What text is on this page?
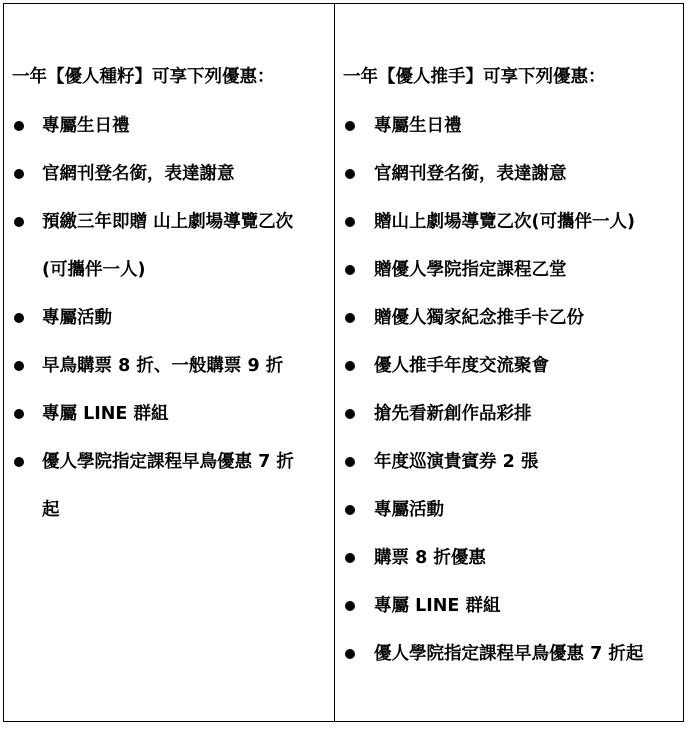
一年【優人種籽】可享下列優惠：
專屬生日禮
官網刊登名銜，表達謝意
預繳三年即贈 山上劇場導覽乙次
(可攜伴一人)
專屬活動
早鳥購票 8 折、一般購票 9 折
專屬 LINE 群組
優人學院指定課程早鳥優惠 7 折
起
一年【優人推手】可享下列優惠：
專屬生日禮
官網刊登名銜，表達謝意
贈山上劇場導覽乙次(可攜伴一人)
贈優人學院指定課程乙堂
贈優人獨家紀念推手卡乙份
優人推手年度交流聚會
搶先看新創作品彩排
年度巡演貴賓券 2 張
專屬活動
購票 8 折優惠
專屬 LINE 群組
優人學院指定課程早鳥優惠 7 折起
